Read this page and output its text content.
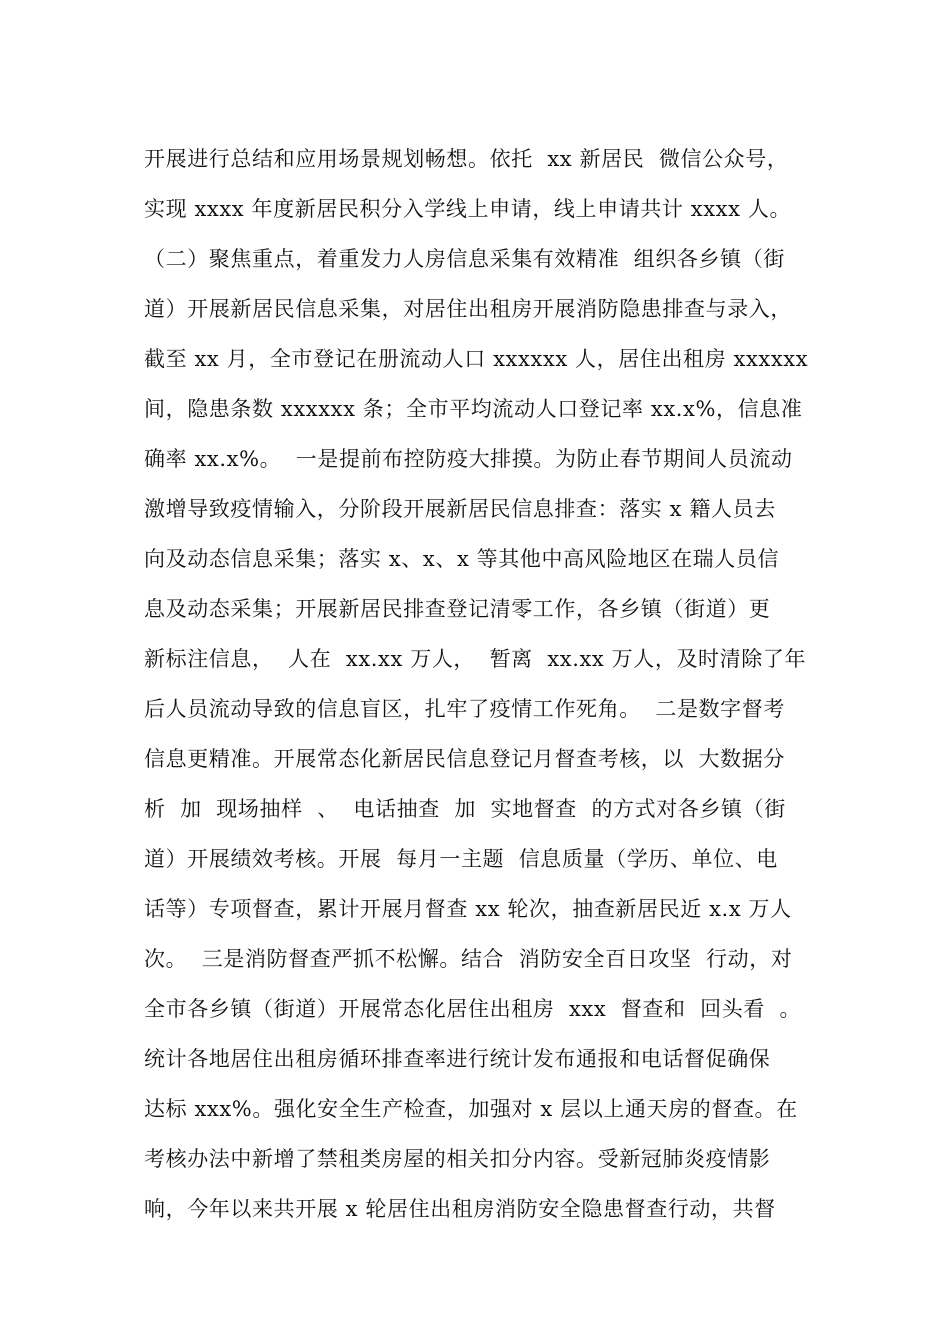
开展进行总结和应用场景规划畅想。依托  xx 新居民  微信公众号，
实现 xxxx 年度新居民积分入学线上申请，线上申请共计 xxxx 人。
（二）聚焦重点，着重发力人房信息采集有效精准  组织各乡镇（街
道）开展新居民信息采集，对居住出租房开展消防隐患排查与录入，
截至 xx 月，全市登记在册流动人口 xxxxxx 人，居住出租房 xxxxxx
间，隐患条数 xxxxxx 条；全市平均流动人口登记率 xx.x%，信息准
确率 xx.x%。  一是提前布控防疫大排摸。为防止春节期间人员流动
激增导致疫情输入，分阶段开展新居民信息排查：落实 x 籍人员去
向及动态信息采集；落实 x、x、x 等其他中高风险地区在瑞人员信
息及动态采集；开展新居民排查登记清零工作，各乡镇（街道）更
新标注信息，  人在  xx.xx 万人，  暂离  xx.xx 万人，及时清除了年
后人员流动导致的信息盲区，扎牢了疫情工作死角。  二是数字督考
信息更精准。开展常态化新居民信息登记月督查考核，以  大数据分
析  加  现场抽样  、  电话抽查  加  实地督查  的方式对各乡镇（街
道）开展绩效考核。开展  每月一主题  信息质量（学历、单位、电
话等）专项督查，累计开展月督查 xx 轮次，抽查新居民近 x.x 万人
次。  三是消防督查严抓不松懈。结合  消防安全百日攻坚  行动，对
全市各乡镇（街道）开展常态化居住出租房  xxx  督查和  回头看  。
统计各地居住出租房循环排查率进行统计发布通报和电话督促确保
达标 xxx%。强化安全生产检查，加强对 x 层以上通天房的督查。在
考核办法中新增了禁租类房屋的相关扣分内容。受新冠肺炎疫情影
响，今年以来共开展 x 轮居住出租房消防安全隐患督查行动，共督
